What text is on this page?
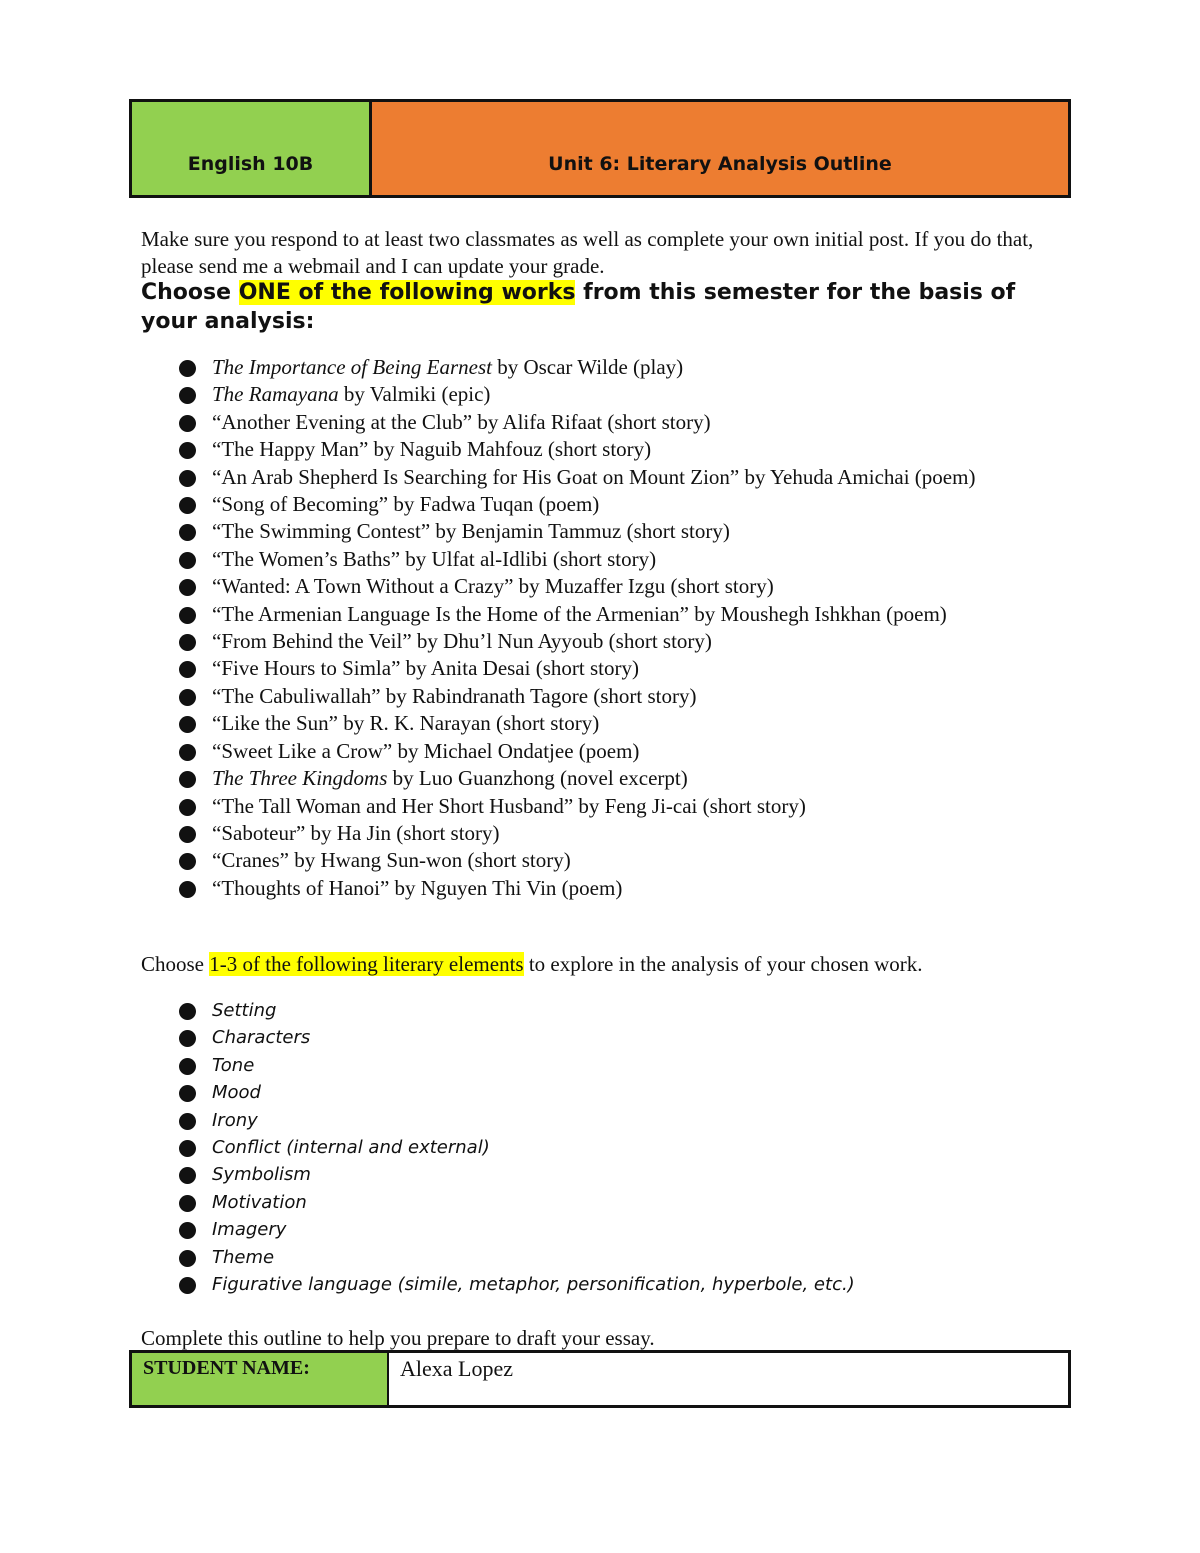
English 10B	Unit 6: Literary Analysis Outline
Make sure you respond to at least two classmates as well as complete your own initial post. If you do that, please send me a webmail and I can update your grade.
Choose ONE of the following works from this semester for the basis of your analysis:
The Importance of Being Earnest by Oscar Wilde (play)
The Ramayana by Valmiki (epic)
“Another Evening at the Club” by Alifa Rifaat (short story)
“The Happy Man” by Naguib Mahfouz (short story)
“An Arab Shepherd Is Searching for His Goat on Mount Zion” by Yehuda Amichai (poem)
“Song of Becoming” by Fadwa Tuqan (poem)
“The Swimming Contest” by Benjamin Tammuz (short story)
“The Women’s Baths” by Ulfat al-Idlibi (short story)
“Wanted: A Town Without a Crazy” by Muzaffer Izgu (short story)
“The Armenian Language Is the Home of the Armenian” by Moushegh Ishkhan (poem)
“From Behind the Veil” by Dhu’l Nun Ayyoub (short story)
“Five Hours to Simla” by Anita Desai (short story)
“The Cabuliwallah” by Rabindranath Tagore (short story)
“Like the Sun” by R. K. Narayan (short story)
“Sweet Like a Crow” by Michael Ondatjee (poem)
The Three Kingdoms by Luo Guanzhong (novel excerpt)
“The Tall Woman and Her Short Husband” by Feng Ji-cai (short story)
“Saboteur” by Ha Jin (short story)
“Cranes” by Hwang Sun-won (short story)
“Thoughts of Hanoi” by Nguyen Thi Vin (poem)
Choose 1-3 of the following literary elements to explore in the analysis of your chosen work.
Setting
Characters
Tone
Mood
Irony
Conflict (internal and external)
Symbolism
Motivation
Imagery
Theme
Figurative language (simile, metaphor, personification, hyperbole, etc.)
Complete this outline to help you prepare to draft your essay.
STUDENT NAME:	Alexa Lopez
